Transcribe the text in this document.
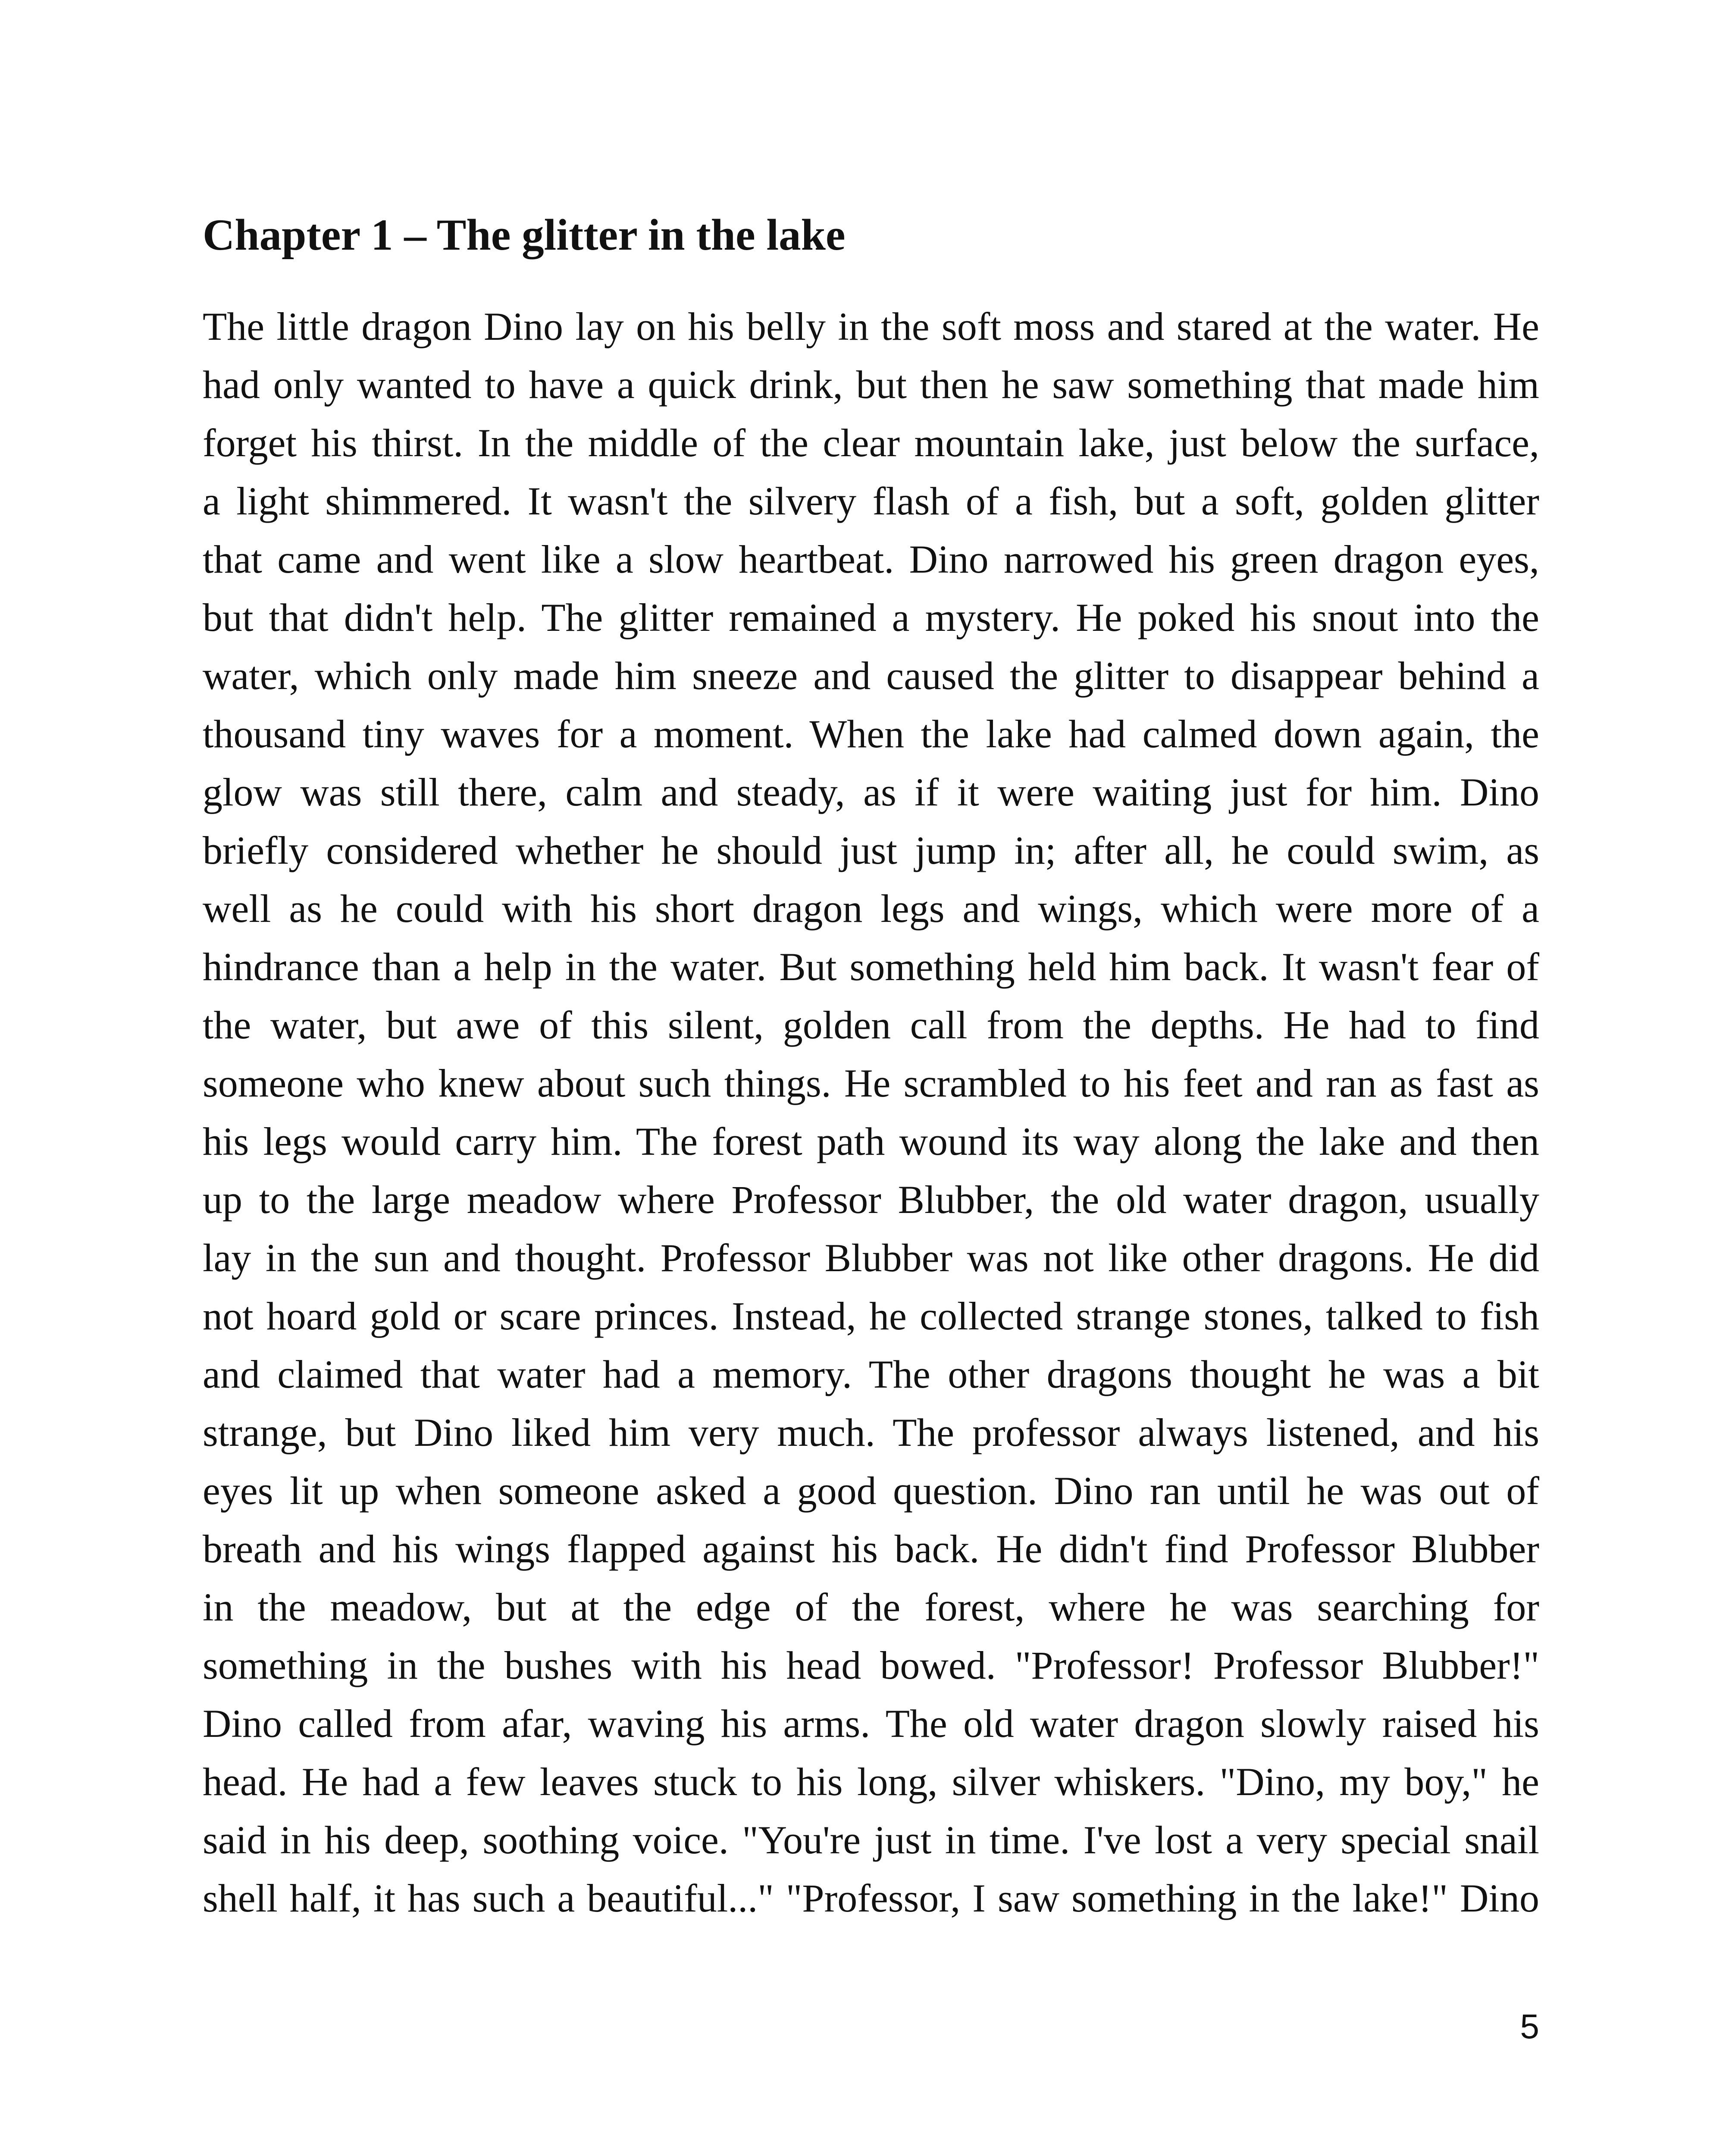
Chapter 1 – The glitter in the lake
The little dragon Dino lay on his belly in the soft moss and stared at the water. He
had only wanted to have a quick drink, but then he saw something that made him
forget his thirst. In the middle of the clear mountain lake, just below the surface,
a light shimmered. It wasn't the silvery flash of a fish, but a soft, golden glitter
that came and went like a slow heartbeat. Dino narrowed his green dragon eyes,
but that didn't help. The glitter remained a mystery. He poked his snout into the
water, which only made him sneeze and caused the glitter to disappear behind a
thousand tiny waves for a moment. When the lake had calmed down again, the
glow was still there, calm and steady, as if it were waiting just for him. Dino
briefly considered whether he should just jump in; after all, he could swim, as
well as he could with his short dragon legs and wings, which were more of a
hindrance than a help in the water. But something held him back. It wasn't fear of
the water, but awe of this silent, golden call from the depths. He had to find
someone who knew about such things. He scrambled to his feet and ran as fast as
his legs would carry him. The forest path wound its way along the lake and then
up to the large meadow where Professor Blubber, the old water dragon, usually
lay in the sun and thought. Professor Blubber was not like other dragons. He did
not hoard gold or scare princes. Instead, he collected strange stones, talked to fish
and claimed that water had a memory. The other dragons thought he was a bit
strange, but Dino liked him very much. The professor always listened, and his
eyes lit up when someone asked a good question. Dino ran until he was out of
breath and his wings flapped against his back. He didn't find Professor Blubber
in the meadow, but at the edge of the forest, where he was searching for
something in the bushes with his head bowed. "Professor! Professor Blubber!"
Dino called from afar, waving his arms. The old water dragon slowly raised his
head. He had a few leaves stuck to his long, silver whiskers. "Dino, my boy," he
said in his deep, soothing voice. "You're just in time. I've lost a very special snail
shell half, it has such a beautiful..." "Professor, I saw something in the lake!" Dino
5
